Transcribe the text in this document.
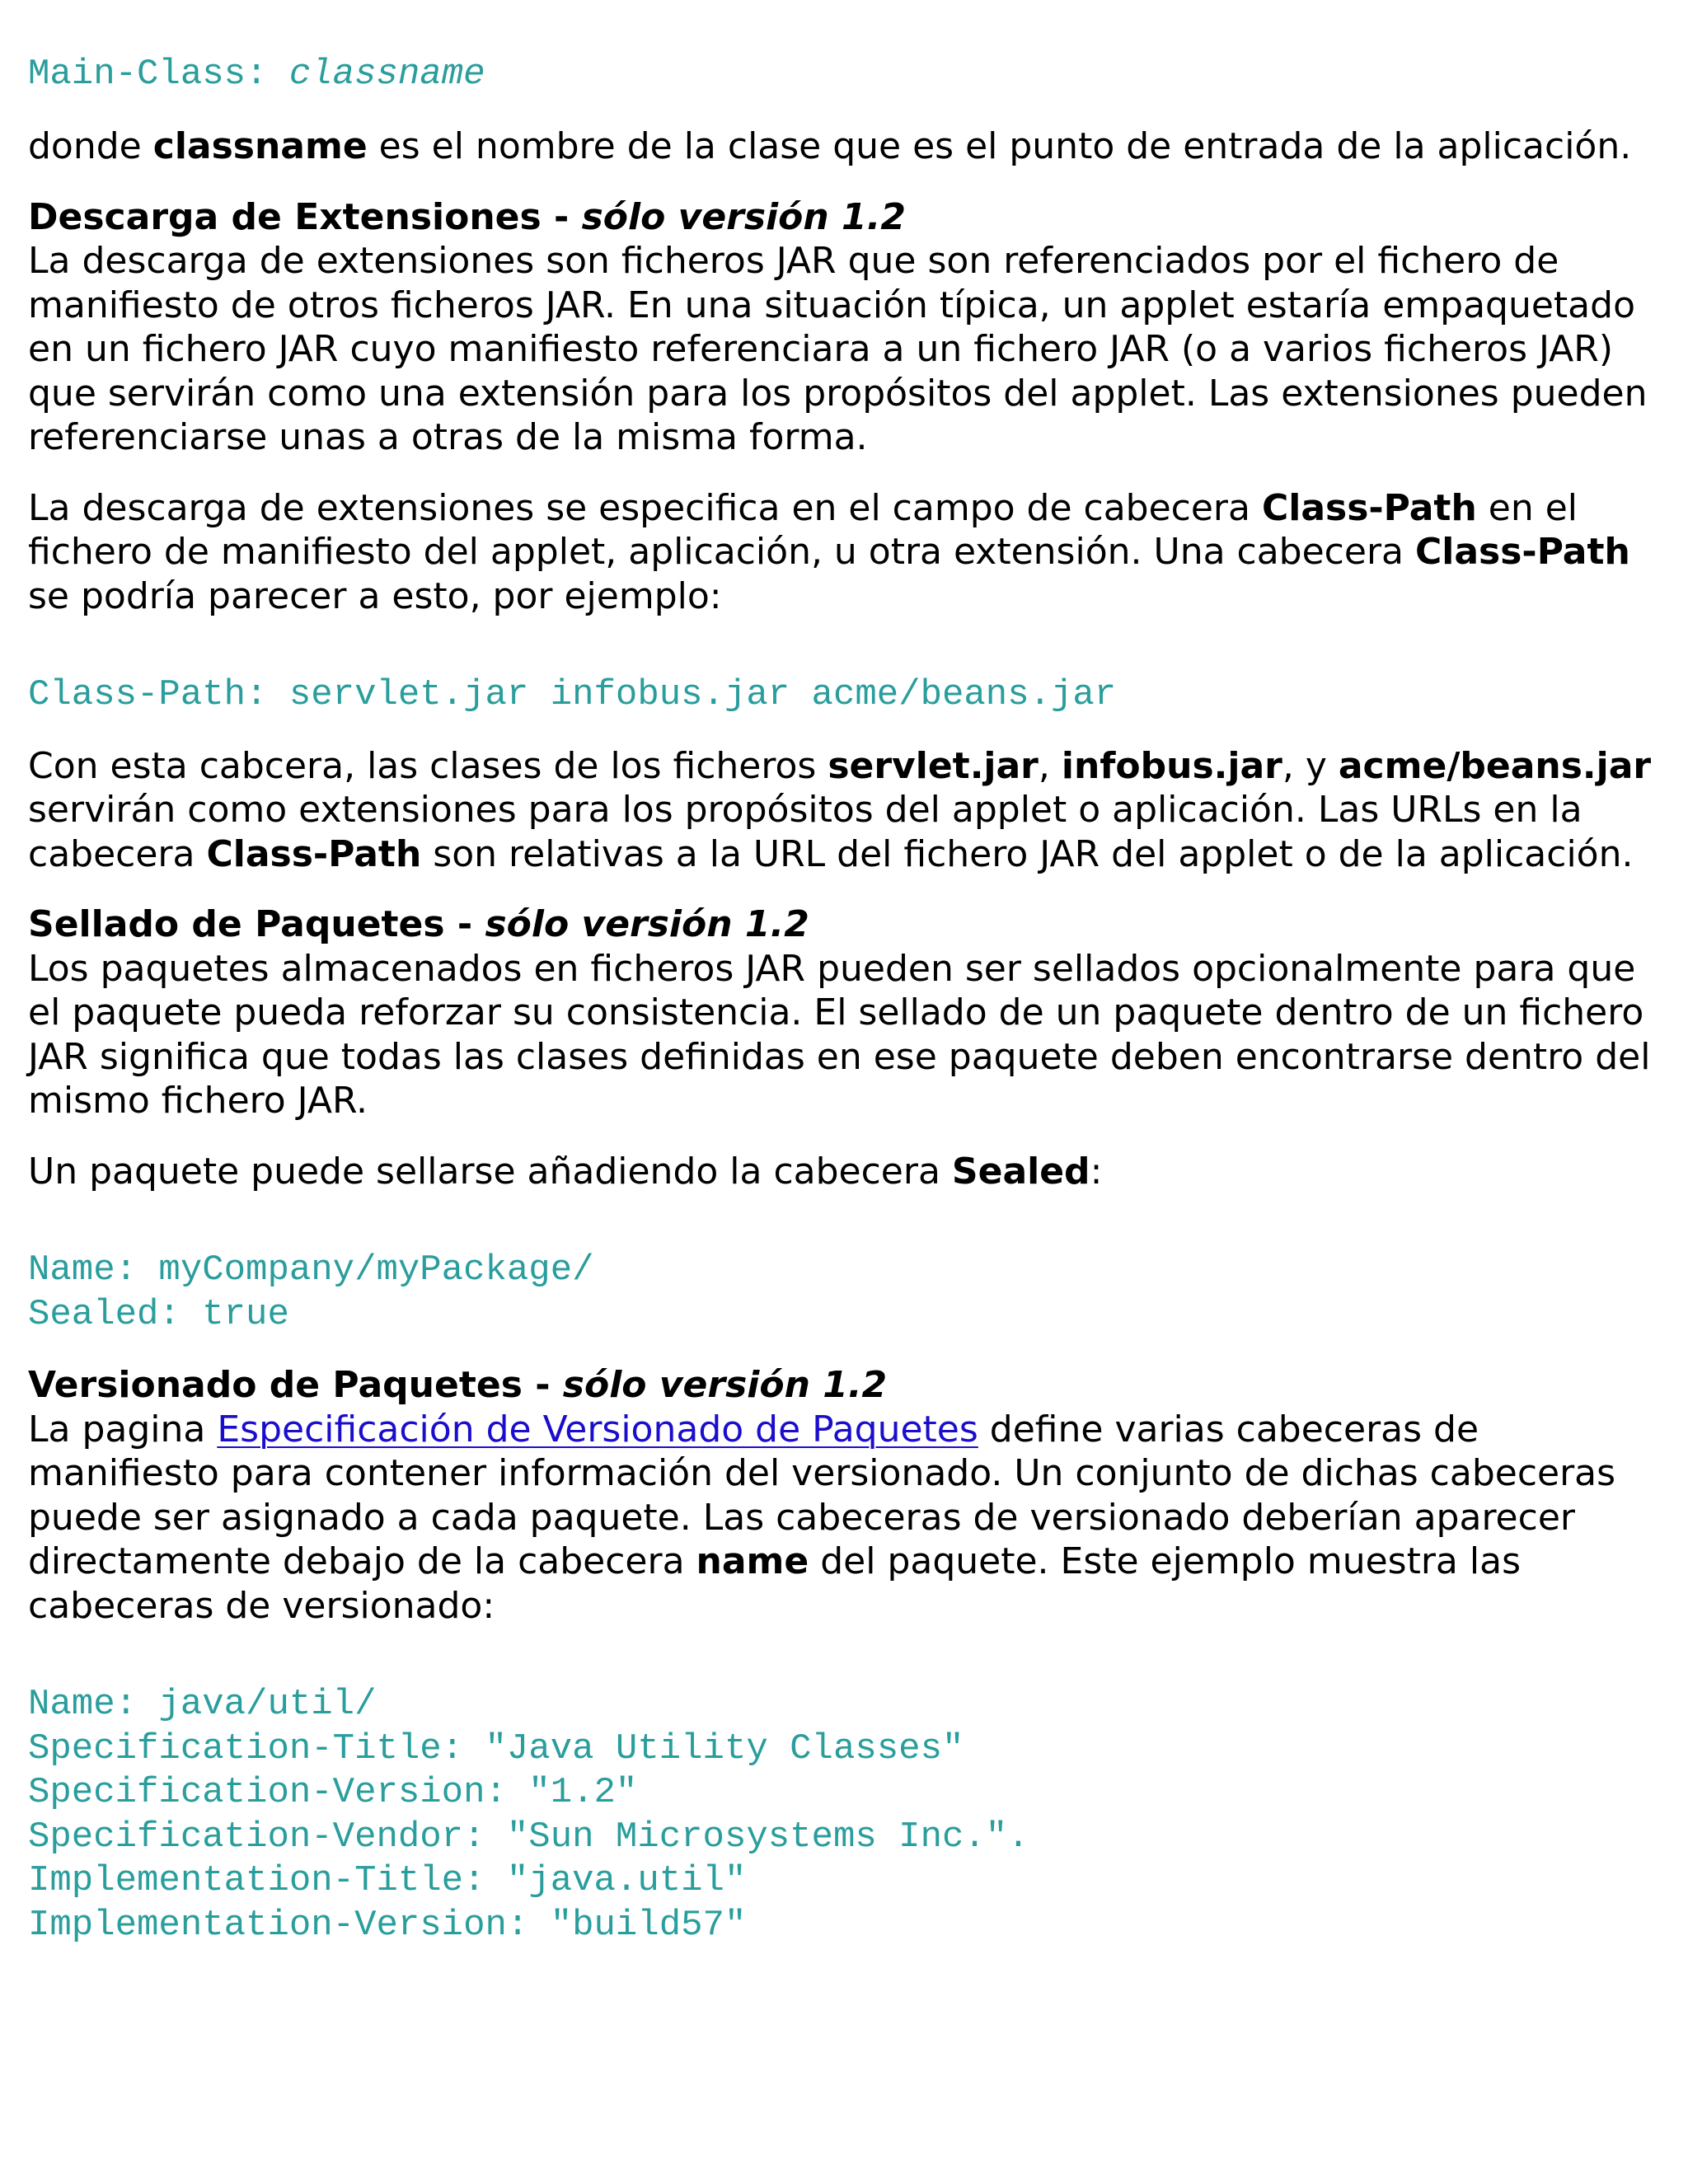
Main-Class: classname

donde classname es el nombre de la clase que es el punto de entrada de la aplicación.

Descarga de Extensiones - sólo versión 1.2

La descarga de extensiones son ficheros JAR que son referenciados por el fichero de manifiesto de otros ficheros JAR. En una situación típica, un applet estaría empaquetado en un fichero JAR cuyo manifiesto referenciara a un fichero JAR (o a varios ficheros JAR) que servirán como una extensión para los propósitos del applet. Las extensiones pueden referenciarse unas a otras de la misma forma.

La descarga de extensiones se especifica en el campo de cabecera Class-Path en el fichero de manifiesto del applet, aplicación, u otra extensión. Una cabecera Class-Path se podría parecer a esto, por ejemplo:

Class-Path: servlet.jar infobus.jar acme/beans.jar

Con esta cabcera, las clases de los ficheros servlet.jar, infobus.jar, y acme/beans.jar servirán como extensiones para los propósitos del applet o aplicación. Las URLs en la cabecera Class-Path son relativas a la URL del fichero JAR del applet o de la aplicación.

Sellado de Paquetes - sólo versión 1.2

Los paquetes almacenados en ficheros JAR pueden ser sellados opcionalmente para que el paquete pueda reforzar su consistencia. El sellado de un paquete dentro de un fichero JAR significa que todas las clases definidas en ese paquete deben encontrarse dentro del mismo fichero JAR.

Un paquete puede sellarse añadiendo la cabecera Sealed:

Name: myCompany/myPackage/
Sealed: true
Versionado de Paquetes - sólo versión 1.2

La pagina Especificación de Versionado de Paquetes define varias cabeceras de manifiesto para contener información del versionado. Un conjunto de dichas cabeceras puede ser asignado a cada paquete. Las cabeceras de versionado deberían aparecer directamente debajo de la cabecera name del paquete. Este ejemplo muestra las cabeceras de versionado:

Name: java/util/
Specification-Title: "Java Utility Classes"
Specification-Version: "1.2"
Specification-Vendor: "Sun Microsystems Inc.".
Implementation-Title: "java.util"
Implementation-Version: "build57"
